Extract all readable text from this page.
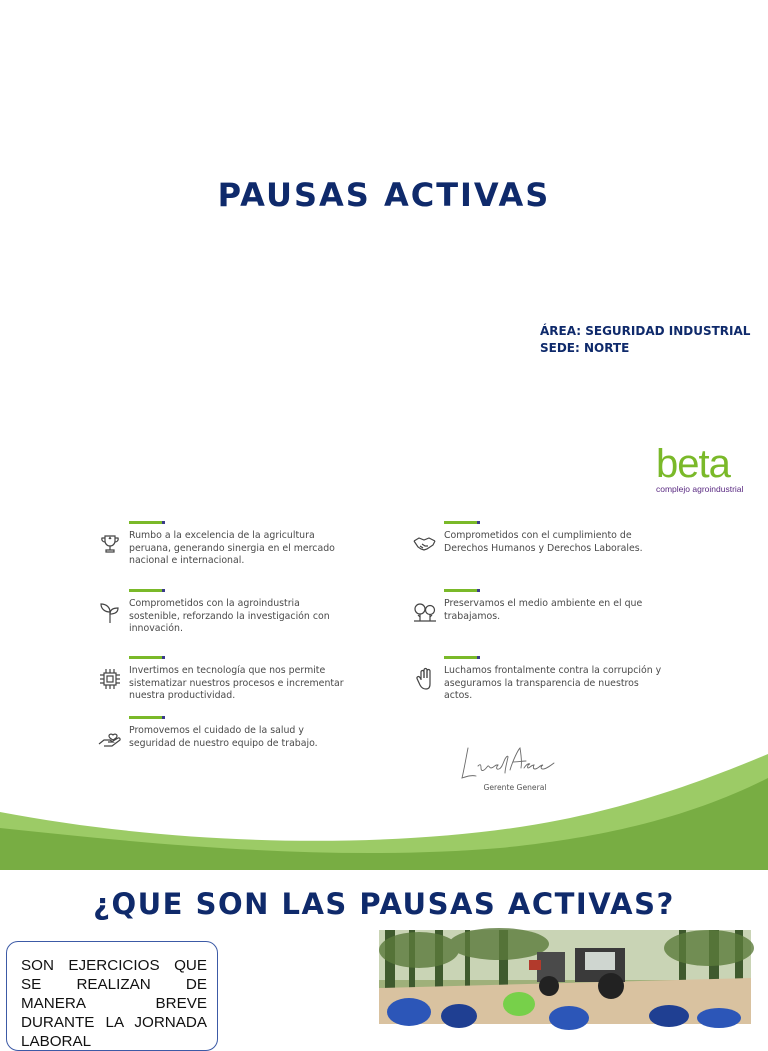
PAUSAS ACTIVAS
ÁREA: SEGURIDAD INDUSTRIAL
SEDE: NORTE
beta
complejo agroindustrial
Rumbo a la excelencia de la agricultura peruana, generando sinergia en el mercado nacional e internacional.
Comprometidos con el cumplimiento de Derechos Humanos y Derechos Laborales.
Comprometidos con la agroindustria sostenible, reforzando la investigación con innovación.
Preservamos el medio ambiente en el que trabajamos.
Invertimos en tecnología que nos permite sistematizar nuestros procesos e incrementar nuestra productividad.
Luchamos frontalmente contra la corrupción y aseguramos la transparencia de nuestros actos.
Promovemos el cuidado de la salud y seguridad de nuestro equipo de trabajo.
Gerente General
¿QUE SON LAS PAUSAS ACTIVAS?
SON EJERCICIOS QUE SE REALIZAN DE MANERA BREVE DURANTE LA JORNADA LABORAL
